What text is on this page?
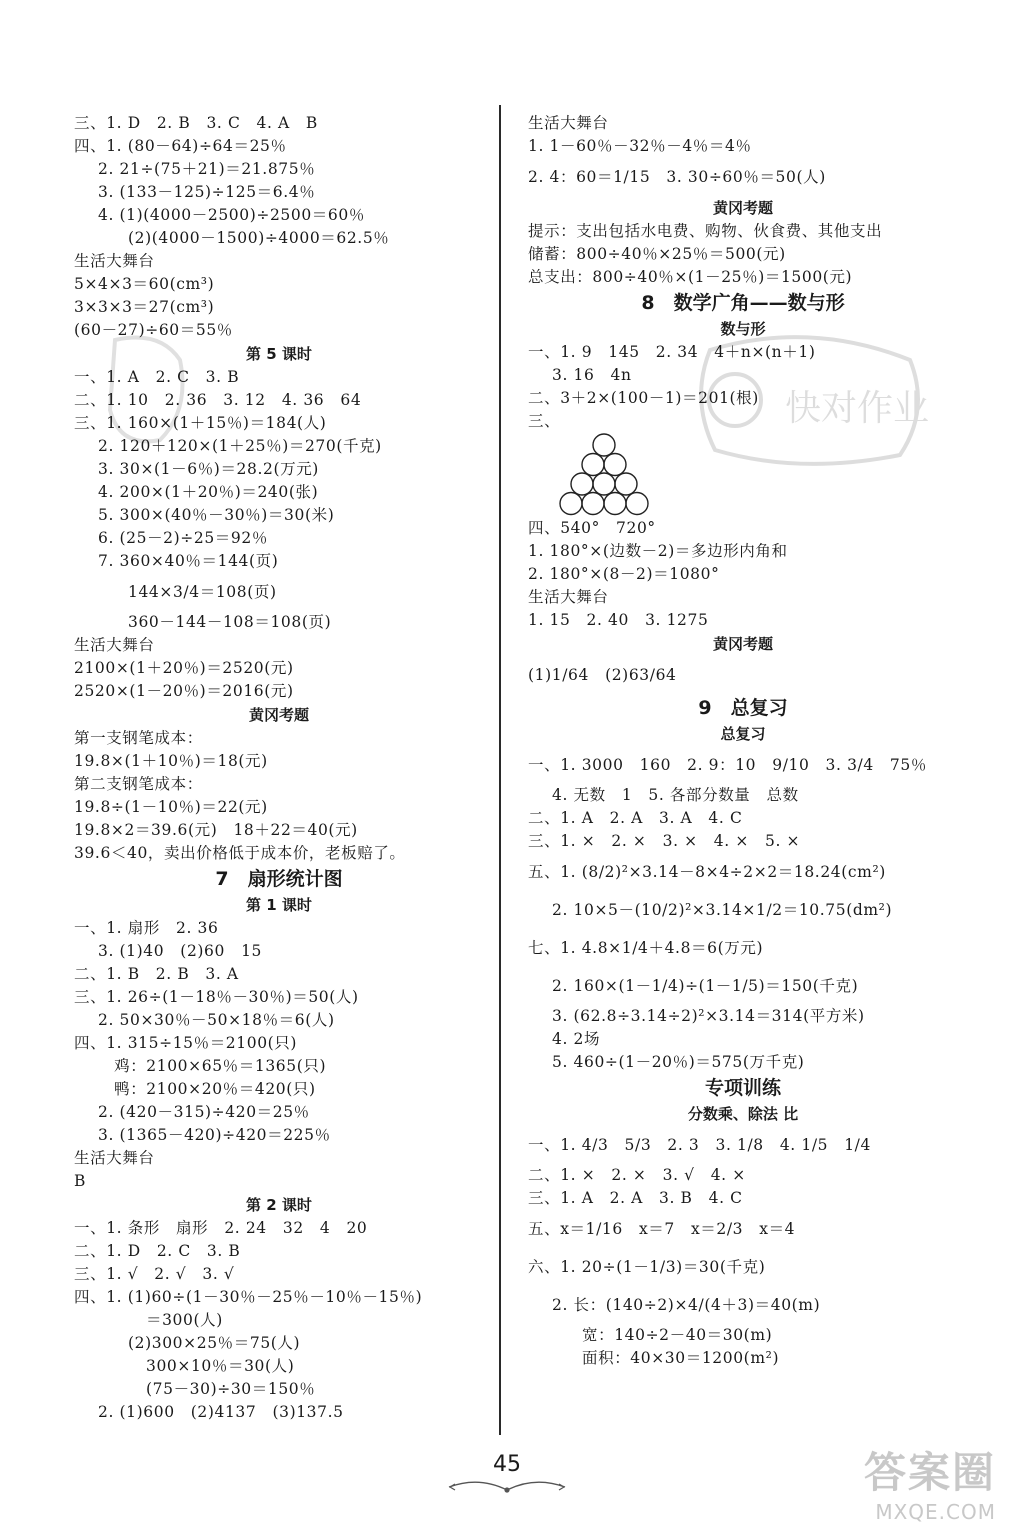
三、1. D　2. B　3. C　4. A　B
四、1. (80－64)÷64＝25％
2. 21÷(75＋21)＝21.875％
3. (133－125)÷125＝6.4％
4. (1)(4000－2500)÷2500＝60％
(2)(4000－1500)÷4000＝62.5％
生活大舞台
5×4×3＝60(cm³)
3×3×3＝27(cm³)
(60－27)÷60＝55％
第 5 课时
一、1. A　2. C　3. B
二、1. 10　2. 36　3. 12　4. 36　64
三、1. 160×(1＋15％)＝184(人)
2. 120＋120×(1＋25％)＝270(千克)
3. 30×(1－6％)＝28.2(万元)
4. 200×(1＋20％)＝240(张)
5. 300×(40％－30％)＝30(米)
6. (25－2)÷25＝92％
7. 360×40％＝144(页)
144×3/4＝108(页)
360－144－108＝108(页)
生活大舞台
2100×(1＋20％)＝2520(元)
2520×(1－20％)＝2016(元)
黄冈考题
第一支钢笔成本：
19.8×(1＋10％)＝18(元)
第二支钢笔成本：
19.8÷(1－10％)＝22(元)
19.8×2＝39.6(元)　18＋22＝40(元)
39.6＜40，卖出价格低于成本价，老板赔了。
7　扇形统计图
第 1 课时
一、1. 扇形　2. 36
3. (1)40　(2)60　15
二、1. B　2. B　3. A
三、1. 26÷(1－18％－30％)＝50(人)
2. 50×30％－50×18％＝6(人)
四、1. 315÷15％＝2100(只)
　鸡：2100×65％＝1365(只)
　鸭：2100×20％＝420(只)
2. (420－315)÷420＝25％
3. (1365－420)÷420＝225％
生活大舞台
B
第 2 课时
一、1. 条形　扇形　2. 24　32　4　20
二、1. D　2. C　3. B
三、1. √　2. √　3. √
四、1. (1)60÷(1－30％－25％－10％－15％)
＝300(人)
(2)300×25％＝75(人)
300×10％＝30(人)
(75－30)÷30＝150％
2. (1)600　(2)4137　(3)137.5
生活大舞台
1. 1－60％－32％－4％＝4％
2. 4：60＝1/15　3. 30÷60％＝50(人)
黄冈考题
提示：支出包括水电费、购物、伙食费、其他支出
储蓄：800÷40％×25％＝500(元)
总支出：800÷40％×(1－25％)＝1500(元)
8　数学广角——数与形
数与形
一、1. 9　145　2. 34　4＋n×(n＋1)
3. 16　4n
二、3＋2×(100－1)＝201(根)
三、
四、540°　720°
1. 180°×(边数－2)＝多边形内角和
2. 180°×(8－2)＝1080°
生活大舞台
1. 15　2. 40　3. 1275
黄冈考题
(1)1/64　(2)63/64
9　总复习
总复习
一、1. 3000　160　2. 9：10　9/10　3. 3/4　75％
4. 无数　1　5. 各部分数量　总数
二、1. A　2. A　3. A　4. C
三、1. ×　2. ×　3. ×　4. ×　5. ×
五、1. (8/2)²×3.14－8×4÷2×2＝18.24(cm²)
2. 10×5－(10/2)²×3.14×1/2＝10.75(dm²)
七、1. 4.8×1/4＋4.8＝6(万元)
2. 160×(1－1/4)÷(1－1/5)＝150(千克)
3. (62.8÷3.14÷2)²×3.14＝314(平方米)
4. 2场
5. 460÷(1－20％)＝575(万千克)
专项训练
分数乘、除法 比
一、1. 4/3　5/3　2. 3　3. 1/8　4. 1/5　1/4
二、1. ×　2. ×　3. √　4. ×
三、1. A　2. A　3. B　4. C
五、x＝1/16　x＝7　x＝2/3　x＝4
六、1. 20÷(1－1/3)＝30(千克)
2. 长：(140÷2)×4/(4＋3)＝40(m)
宽：140÷2－40＝30(m)
面积：40×30＝1200(m²)
45	答案圈
MXQE.COM
快对作业
